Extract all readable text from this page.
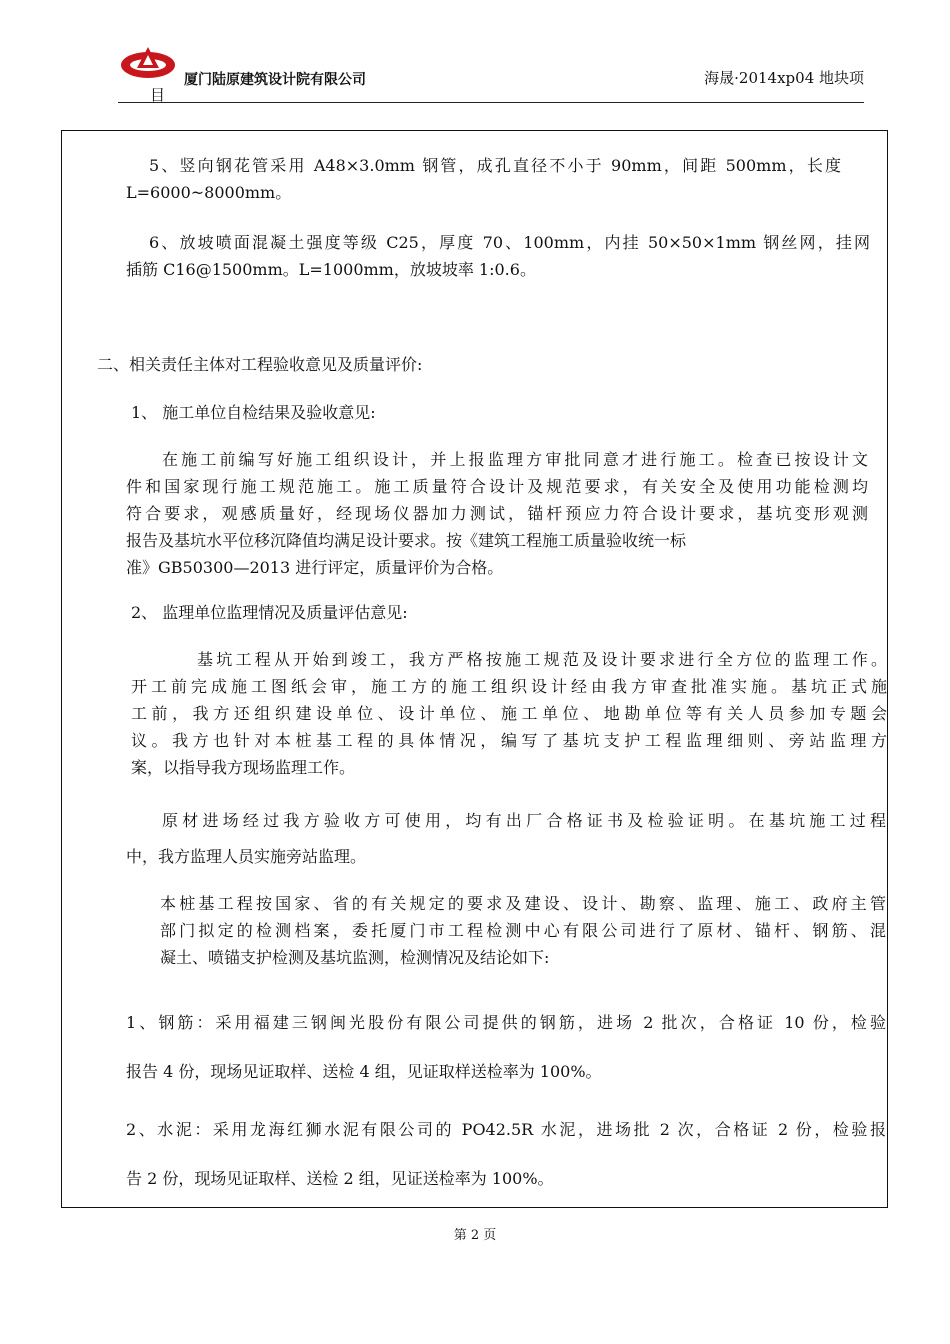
目
厦门陆原建筑设计院有限公司	海晟·2014xp04 地块项
5、竖向钢花管采用 A48×3.0mm 钢管，成孔直径不小于 90mm，间距 500mm，长度
L=6000~8000mm。
6、放坡喷面混凝土强度等级 C25，厚度 70、100mm，内挂 50×50×1mm 钢丝网，挂网
插筋 C16@1500mm。L=1000mm，放坡坡率 1:0.6。
二、相关责任主体对工程验收意见及质量评价:
1、 施工单位自检结果及验收意见:
在施工前编写好施工组织设计，并上报监理方审批同意才进行施工。检查已按设计文
件和国家现行施工规范施工。施工质量符合设计及规范要求，有关安全及使用功能检测均
符合要求，观感质量好，经现场仪器加力测试，锚杆预应力符合设计要求，基坑变形观测
报告及基坑水平位移沉降值均满足设计要求。按《建筑工程施工质量验收统一标
准》GB50300—2013 进行评定，质量评价为合格。
2、 监理单位监理情况及质量评估意见:
基坑工程从开始到竣工，我方严格按施工规范及设计要求进行全方位的监理工作。
开工前完成施工图纸会审，施工方的施工组织设计经由我方审查批准实施。基坑正式施
工前，我方还组织建设单位、设计单位、施工单位、地勘单位等有关人员参加专题会
议。我方也针对本桩基工程的具体情况，编写了基坑支护工程监理细则、旁站监理方
案，以指导我方现场监理工作。
原材进场经过我方验收方可使用，均有出厂合格证书及检验证明。在基坑施工过程
中，我方监理人员实施旁站监理。
本桩基工程按国家、省的有关规定的要求及建设、设计、勘察、监理、施工、政府主管
部门拟定的检测档案，委托厦门市工程检测中心有限公司进行了原材、锚杆、钢筋、混
凝土、喷锚支护检测及基坑监测，检测情况及结论如下:
1、钢筋：采用福建三钢闽光股份有限公司提供的钢筋，进场 2 批次，合格证 10 份，检验
报告 4 份，现场见证取样、送检 4 组，见证取样送检率为 100%。
2、水泥：采用龙海红狮水泥有限公司的 PO42.5R 水泥，进场批 2 次，合格证 2 份，检验报
告 2 份，现场见证取样、送检 2 组，见证送检率为 100%。
第 2 页
